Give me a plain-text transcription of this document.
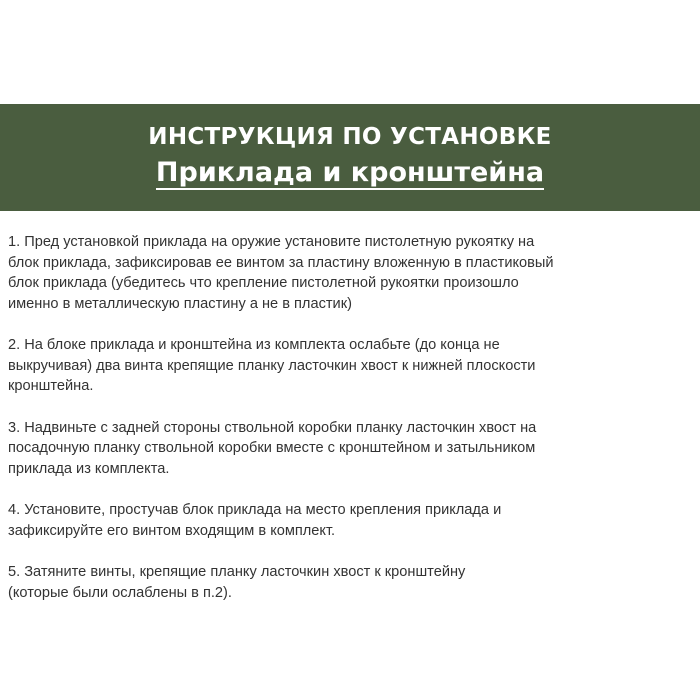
ИНСТРУКЦИЯ ПО УСТАНОВКЕ
Приклада и кронштейна
1. Пред установкой приклада на оружие установите пистолетную рукоятку на
блок приклада, зафиксировав ее винтом за пластину вложенную в пластиковый
блок приклада (убедитесь что крепление пистолетной рукоятки произошло
именно в металлическую пластину а не в пластик)
2. На блоке приклада и кронштейна из комплекта ослабьте (до конца не
выкручивая) два винта крепящие планку ласточкин хвост к нижней плоскости
кронштейна.
3. Надвиньте с задней стороны ствольной коробки планку ласточкин хвост на
посадочную планку ствольной коробки вместе с кронштейном и затыльником
приклада из комплекта.
4. Установите, простучав блок приклада на место крепления приклада и
зафиксируйте его винтом входящим в комплект.
5. Затяните винты, крепящие планку ласточкин хвост к кронштейну
(которые были ослаблены в п.2).
